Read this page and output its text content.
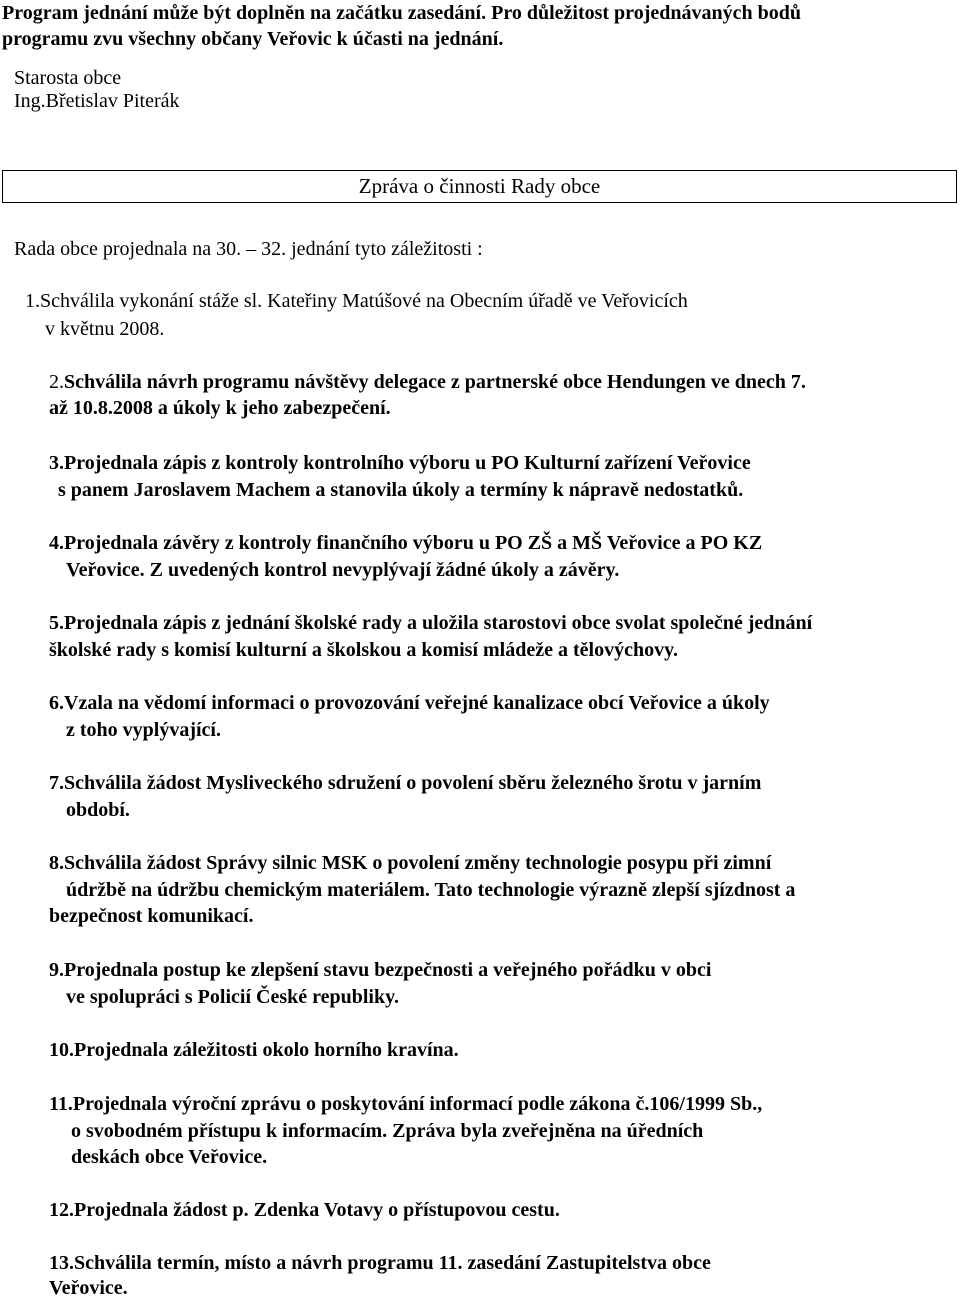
Program jednání může být doplněn na začátku zasedání. Pro důležitost projednávaných bodů
programu zvu všechny občany Veřovic k účasti na jednání.
Starosta obce
Ing.Břetislav Piterák
Zpráva o činnosti Rady obce
Rada obce projednala na 30. – 32. jednání tyto záležitosti :
1.Schválila vykonání stáže sl. Kateřiny Matúšové na Obecním úřadě ve Veřovicích
v květnu 2008.
2.Schválila návrh programu návštěvy delegace z partnerské obce Hendungen ve dnech 7.
až 10.8.2008 a úkoly k jeho zabezpečení.
3.Projednala zápis z kontroly kontrolního výboru u PO Kulturní zařízení Veřovice
s panem Jaroslavem Machem a stanovila úkoly a termíny k nápravě nedostatků.
4.Projednala závěry z kontroly finančního výboru u PO ZŠ a MŠ Veřovice a PO KZ
Veřovice. Z uvedených kontrol nevyplývají žádné úkoly a závěry.
5.Projednala zápis z jednání školské rady a uložila starostovi obce svolat společné jednání
školské rady s komisí kulturní a školskou a komisí mládeže a tělovýchovy.
6.Vzala na vědomí informaci o provozování veřejné kanalizace obcí Veřovice a úkoly
z toho vyplývající.
7.Schválila žádost Mysliveckého sdružení o povolení sběru železného šrotu v jarním
období.
8.Schválila žádost Správy silnic MSK o povolení změny technologie posypu při zimní
údržbě na údržbu chemickým materiálem. Tato technologie výrazně zlepší sjízdnost a
bezpečnost komunikací.
9.Projednala postup ke zlepšení stavu bezpečnosti a veřejného pořádku v obci
ve spolupráci s Policií České republiky.
10.Projednala záležitosti okolo horního kravína.
11.Projednala výroční zprávu o poskytování informací podle zákona č.106/1999 Sb.,
o svobodném přístupu k informacím. Zpráva byla zveřejněna na úředních
deskách obce Veřovice.
12.Projednala žádost p. Zdenka Votavy o přístupovou cestu.
13.Schválila termín, místo a návrh programu 11. zasedání Zastupitelstva obce
Veřovice.
